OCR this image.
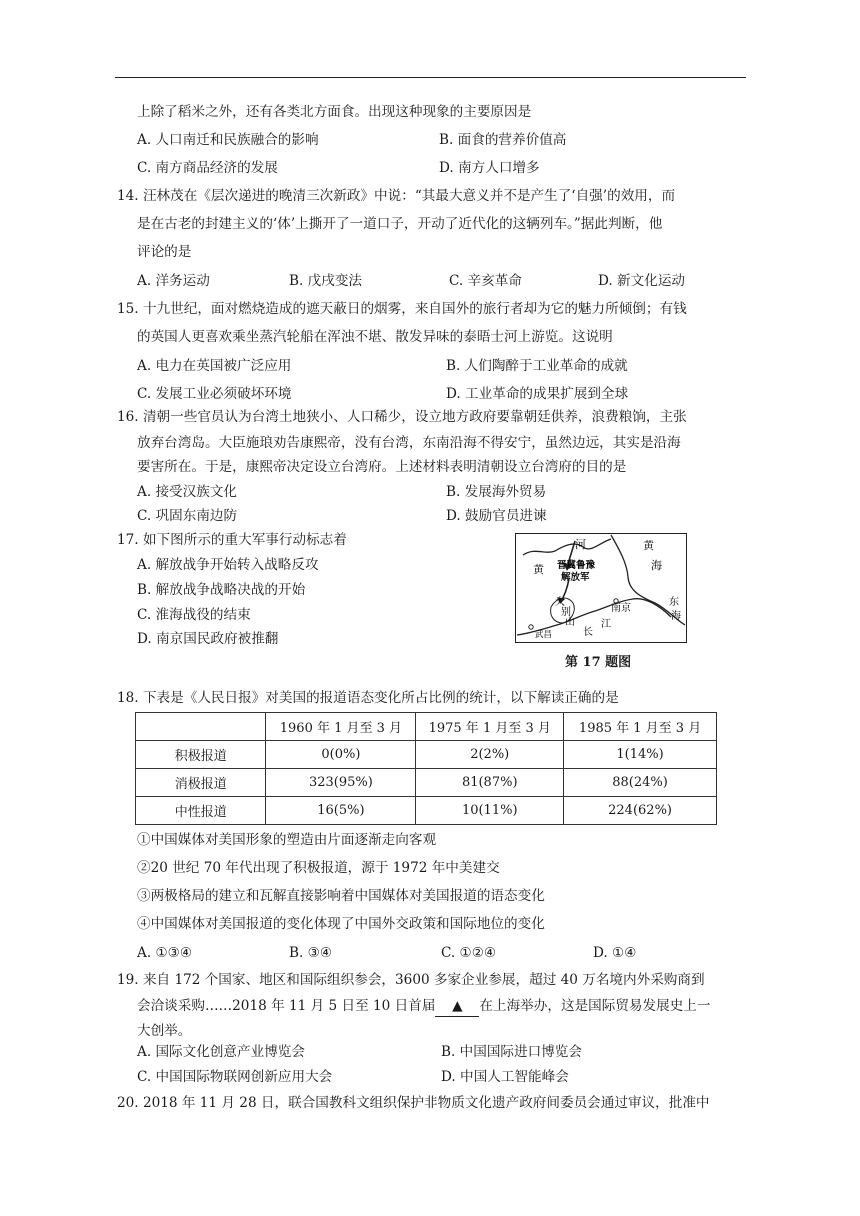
上除了稻米之外，还有各类北方面食。出现这种现象的主要原因是
A. 人口南迁和民族融合的影响	B. 面食的营养价值高
C. 南方商品经济的发展	D. 南方人口增多
14. 汪林茂在《层次递进的晚清三次新政》中说：“其最大意义并不是产生了‘自强’的效用，而
是在古老的封建主义的‘体’上撕开了一道口子，开动了近代化的这辆列车。”据此判断，他
评论的是
A. 洋务运动	B. 戊戌变法	C. 辛亥革命	D. 新文化运动
15. 十九世纪，面对燃烧造成的遮天蔽日的烟雾，来自国外的旅行者却为它的魅力所倾倒；有钱
的英国人更喜欢乘坐蒸汽轮船在浑浊不堪、散发异味的泰晤士河上游览。这说明
A. 电力在英国被广泛应用	B. 人们陶醉于工业革命的成就
C. 发展工业必须破坏环境	D. 工业革命的成果扩展到全球
16. 清朝一些官员认为台湾土地狭小、人口稀少，设立地方政府要靠朝廷供养，浪费粮饷，主张
放弃台湾岛。大臣施琅劝告康熙帝，没有台湾，东南沿海不得安宁，虽然边远，其实是沿海
要害所在。于是，康熙帝决定设立台湾府。上述材料表明清朝设立台湾府的目的是
A. 接受汉族文化	B. 发展海外贸易
C. 巩固东南边防	D. 鼓励官员进谏
17. 如下图所示的重大军事行动标志着
A. 解放战争开始转入战略反攻
B. 解放战争战略决战的开始
C. 淮海战役的结束
D. 南京国民政府被推翻
河
黄
黄
海
晋冀鲁豫
解放军
大
别
山
南京
江
长
东
海
武昌
第 17 题图
18. 下表是《人民日报》对美国的报道语态变化所占比例的统计，以下解读正确的是
	1960 年 1 月至 3 月	1975 年 1 月至 3 月	1985 年 1 月至 3 月
积极报道	0(0%)	2(2%)	1(14%)
消极报道	323(95%)	81(87%)	88(24%)
中性报道	16(5%)	10(11%)	224(62%)
①中国媒体对美国形象的塑造由片面逐渐走向客观
②20 世纪 70 年代出现了积极报道，源于 1972 年中美建交
③两极格局的建立和瓦解直接影响着中国媒体对美国报道的语态变化
④中国媒体对美国报道的变化体现了中国外交政策和国际地位的变化
A. ①③④	B. ③④	C. ①②④	D. ①④
19. 来自 172 个国家、地区和国际组织参会，3600 多家企业参展，超过 40 万名境内外采购商到
会洽谈采购……2018 年 11 月 5 日至 10 日首届 ▲ 在上海举办，这是国际贸易发展史上一
大创举。
A. 国际文化创意产业博览会	B. 中国国际进口博览会
C. 中国国际物联网创新应用大会	D. 中国人工智能峰会
20. 2018 年 11 月 28 日，联合国教科文组织保护非物质文化遗产政府间委员会通过审议，批准中
